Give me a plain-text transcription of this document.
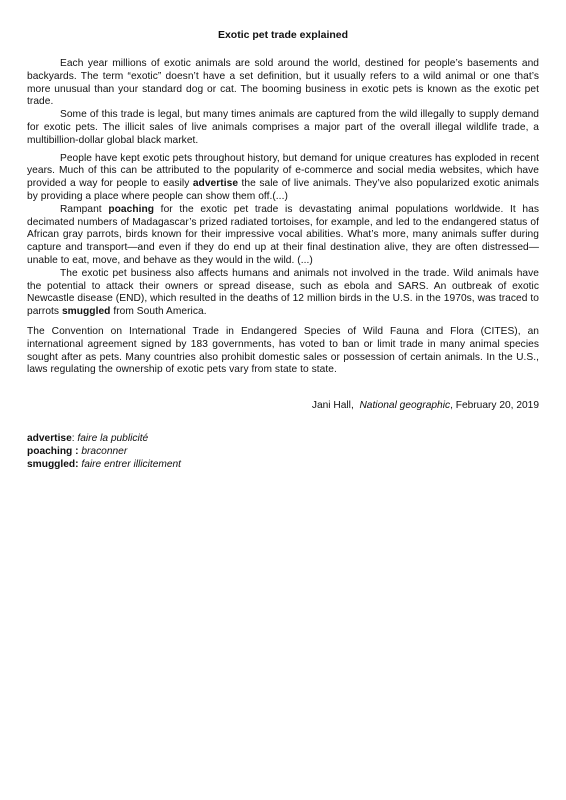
Exotic pet trade explained

Each year millions of exotic animals are sold around the world, destined for people’s basements and backyards. The term “exotic” doesn’t have a set definition, but it usually refers to a wild animal or one that’s more unusual than your standard dog or cat. The booming business in exotic pets is known as the exotic pet trade.

Some of this trade is legal, but many times animals are captured from the wild illegally to supply demand for exotic pets. The illicit sales of live animals comprises a major part of the overall illegal wildlife trade, a multibillion-dollar global black market.

People have kept exotic pets throughout history, but demand for unique creatures has exploded in recent years. Much of this can be attributed to the popularity of e-commerce and social media websites, which have provided a way for people to easily advertise the sale of live animals. They’ve also popularized exotic animals by providing a place where people can show them off.(...)

Rampant poaching for the exotic pet trade is devastating animal populations worldwide. It has decimated numbers of Madagascar’s prized radiated tortoises, for example, and led to the endangered status of African gray parrots, birds known for their impressive vocal abilities. What’s more, many animals suffer during capture and transport—and even if they do end up at their final destination alive, they are often distressed—unable to eat, move, and behave as they would in the wild. (...)

The exotic pet business also affects humans and animals not involved in the trade. Wild animals have the potential to attack their owners or spread disease, such as ebola and SARS. An outbreak of exotic Newcastle disease (END), which resulted in the deaths of 12 million birds in the U.S. in the 1970s, was traced to parrots smuggled from South America.

The Convention on International Trade in Endangered Species of Wild Fauna and Flora (CITES), an international agreement signed by 183 governments, has voted to ban or limit trade in many animal species sought after as pets. Many countries also prohibit domestic sales or possession of certain animals. In the U.S., laws regulating the ownership of exotic pets vary from state to state.

Jani Hall, National geographic, February 20, 2019
advertise: faire la publicité
poaching : braconner
smuggled: faire entrer illicitement
